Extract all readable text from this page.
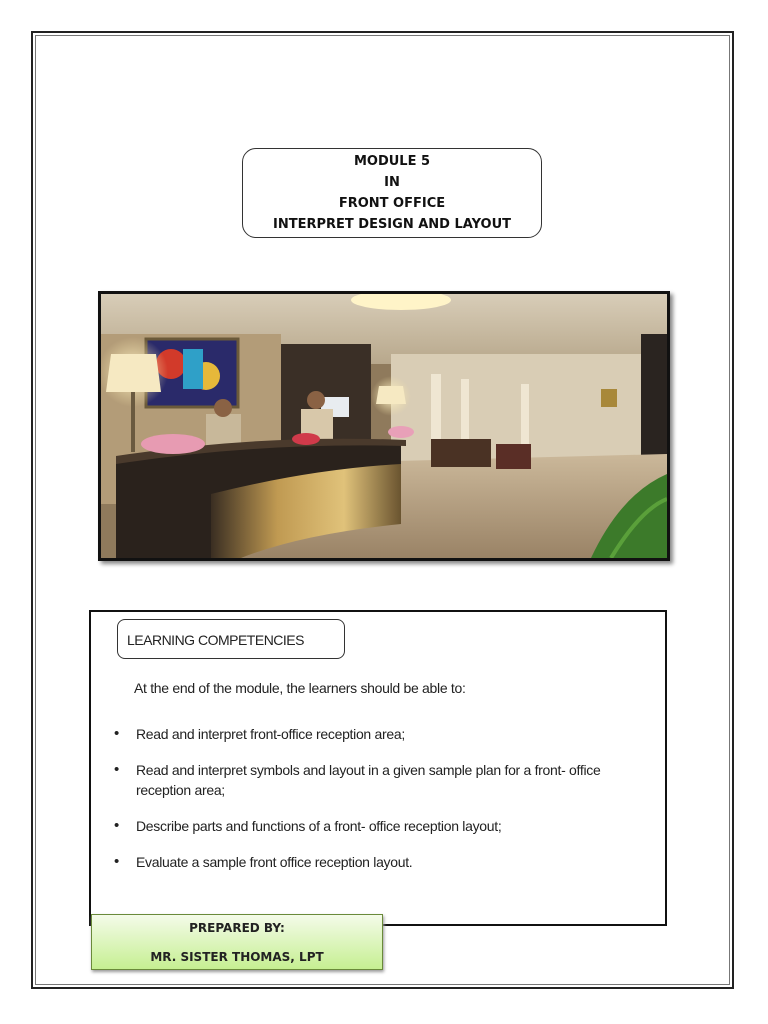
MODULE 5
IN
FRONT OFFICE
INTERPRET DESIGN AND LAYOUT
LEARNING COMPETENCIES
At the end of the module, the learners should be able to:
• Read and interpret front-office reception area;
• Read and interpret symbols and layout in a given sample plan for a front- office reception area;
• Describe parts and functions of a front- office reception layout;
• Evaluate a sample front office reception layout.
PREPARED BY:
MR. SISTER THOMAS, LPT
